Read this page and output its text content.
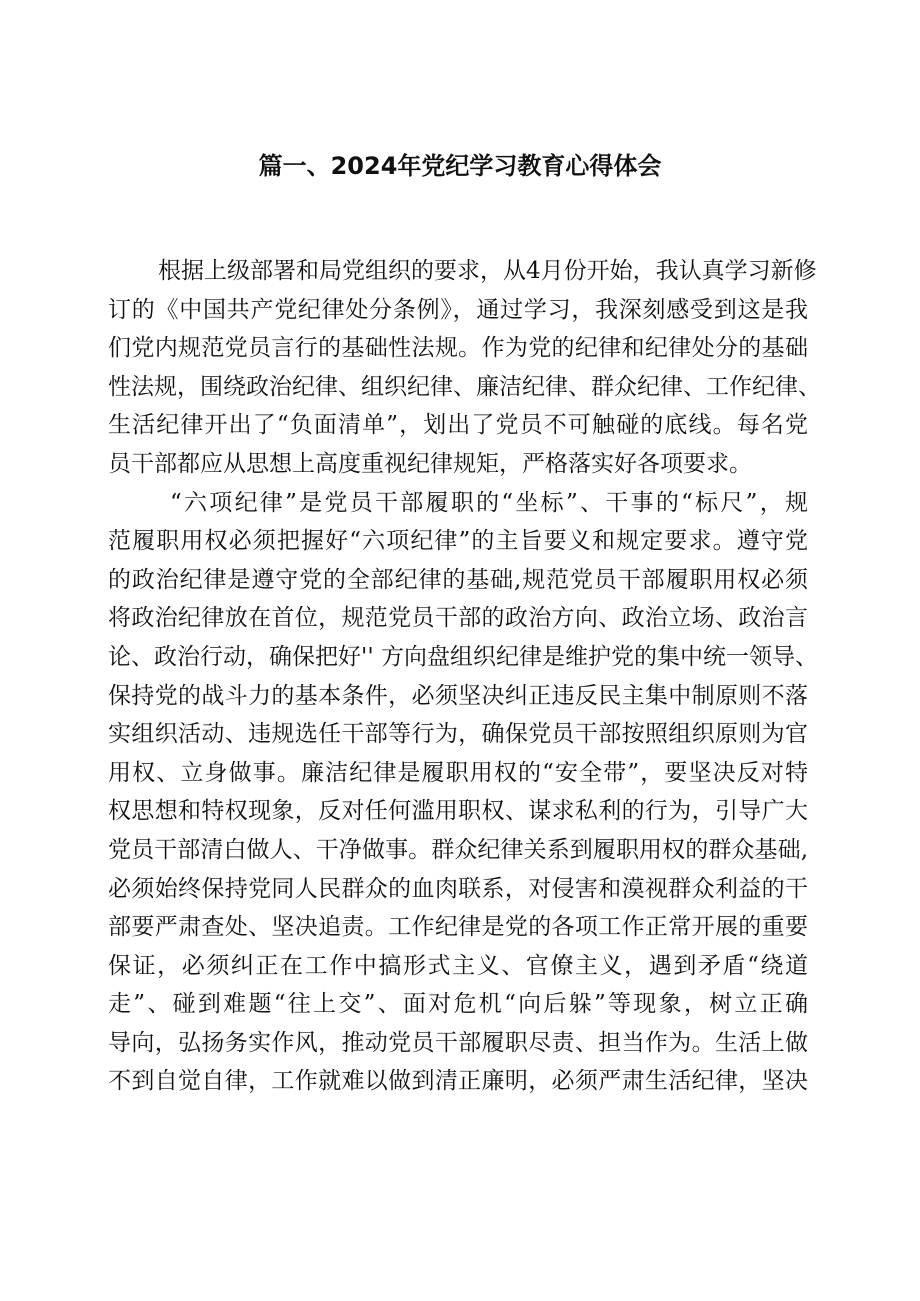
篇一、2024年党纪学习教育心得体会
根据上级部署和局党组织的要求，从4月份开始，我认真学习新修
订的《中国共产党纪律处分条例》，通过学习，我深刻感受到这是我
们党内规范党员言行的基础性法规。作为党的纪律和纪律处分的基础
性法规，围绕政治纪律、组织纪律、廉洁纪律、群众纪律、工作纪律、
生活纪律开出了“负面清单”，划出了党员不可触碰的底线。每名党
员干部都应从思想上高度重视纪律规矩，严格落实好各项要求。
“六项纪律”是党员干部履职的“坐标”、干事的“标尺”，规
范履职用权必须把握好“六项纪律”的主旨要义和规定要求。遵守党
的政治纪律是遵守党的全部纪律的基础,规范党员干部履职用权必须
将政治纪律放在首位，规范党员干部的政治方向、政治立场、政治言
论、政治行动，确保把好'' 方向盘组织纪律是维护党的集中统一领导、
保持党的战斗力的基本条件，必须坚决纠正违反民主集中制原则不落
实组织活动、违规选任干部等行为，确保党员干部按照组织原则为官
用权、立身做事。廉洁纪律是履职用权的“安全带”，要坚决反对特
权思想和特权现象，反对任何滥用职权、谋求私利的行为，引导广大
党员干部清白做人、干净做事。群众纪律关系到履职用权的群众基础,
必须始终保持党同人民群众的血肉联系，对侵害和漠视群众利益的干
部要严肃查处、坚决追责。工作纪律是党的各项工作正常开展的重要
保证，必须纠正在工作中搞形式主义、官僚主义，遇到矛盾“绕道
走”、碰到难题“往上交”、面对危机“向后躲”等现象，树立正确
导向，弘扬务实作风，推动党员干部履职尽责、担当作为。生活上做
不到自觉自律，工作就难以做到清正廉明，必须严肃生活纪律，坚决
